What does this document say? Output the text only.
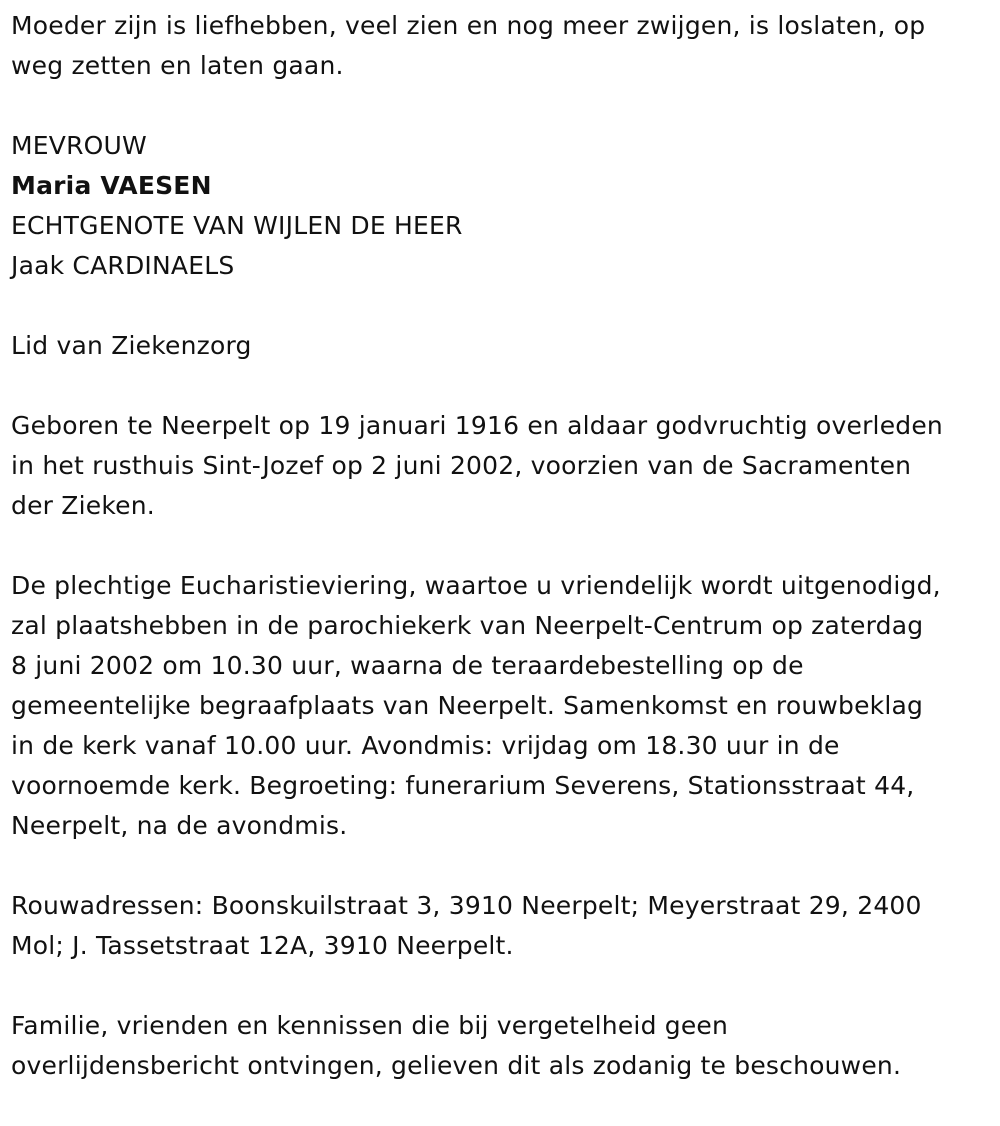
Moeder zijn is liefhebben, veel zien en nog meer zwijgen, is loslaten, op
weg zetten en laten gaan.

MEVROUW

Maria VAESEN

ECHTGENOTE VAN WIJLEN DE HEER

Jaak CARDINAELS

Lid van Ziekenzorg

Geboren te Neerpelt op 19 januari 1916 en aldaar godvruchtig overleden
in het rusthuis Sint-Jozef op 2 juni 2002, voorzien van de Sacramenten
der Zieken.

De plechtige Eucharistieviering, waartoe u vriendelijk wordt uitgenodigd,
zal plaatshebben in de parochiekerk van Neerpelt-Centrum op zaterdag
8 juni 2002 om 10.30 uur, waarna de teraardebestelling op de
gemeentelijke begraafplaats van Neerpelt. Samenkomst en rouwbeklag
in de kerk vanaf 10.00 uur. Avondmis: vrijdag om 18.30 uur in de
voornoemde kerk. Begroeting: funerarium Severens, Stationsstraat 44,
Neerpelt, na de avondmis.

Rouwadressen: Boonskuilstraat 3, 3910 Neerpelt; Meyerstraat 29, 2400
Mol; J. Tassetstraat 12A, 3910 Neerpelt.

Familie, vrienden en kennissen die bij vergetelheid geen
overlijdensbericht ontvingen, gelieven dit als zodanig te beschouwen.
